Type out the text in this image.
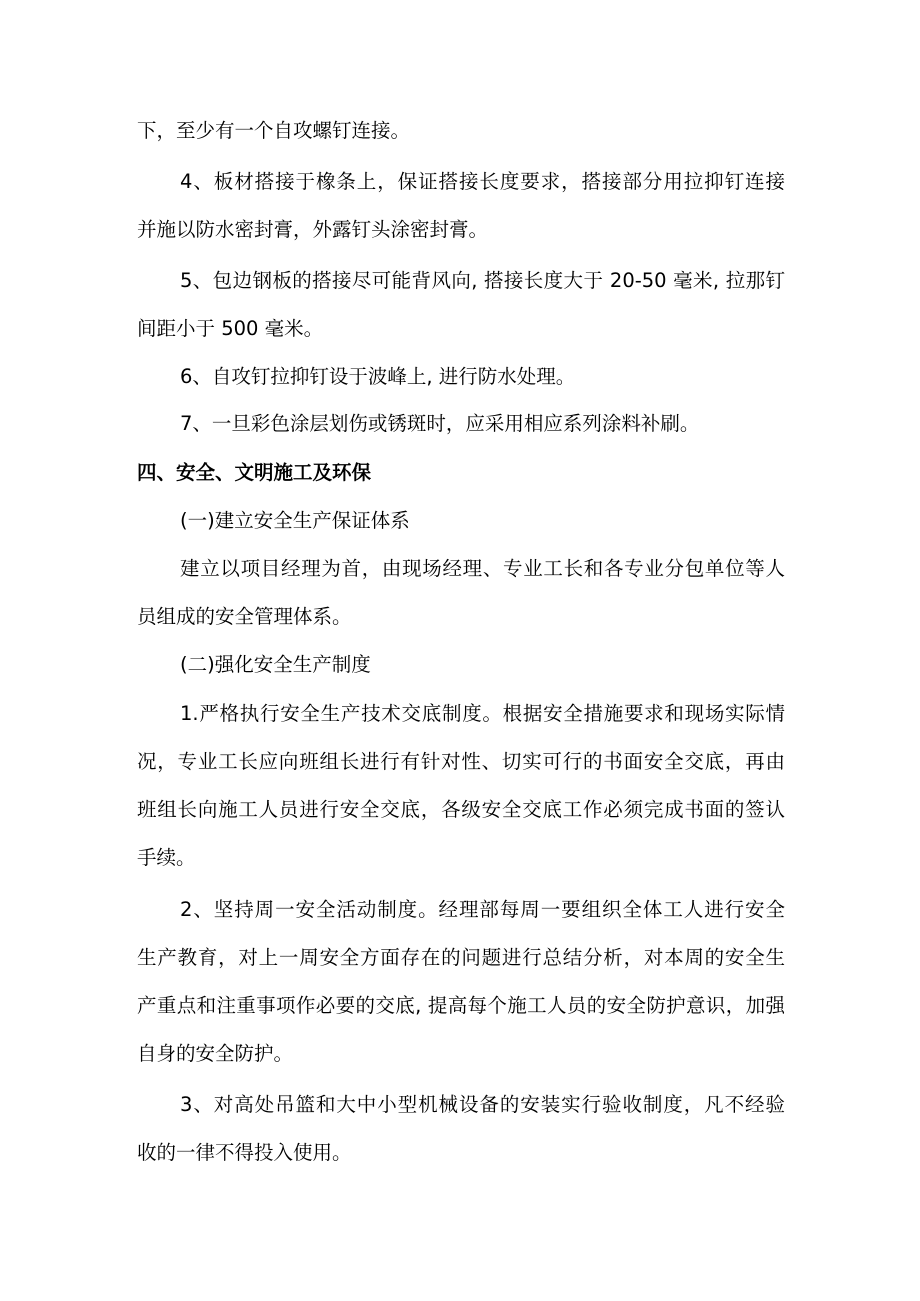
下，至少有一个自攻螺钉连接。
4、板材搭接于橡条上，保证搭接长度要求，搭接部分用拉抑钉连接
并施以防水密封膏，外露钉头涂密封膏。
5、包边钢板的搭接尽可能背风向, 搭接长度大于 20-50 毫米, 拉那钉
间距小于 500 毫米。
6、自攻钉拉抑钉设于波峰上, 进行防水处理。
7、一旦彩色涂层划伤或锈斑时，应采用相应系列涂料补刷。
四、安全、文明施工及环保
(一)建立安全生产保证体系
建立以项目经理为首，由现场经理、专业工长和各专业分包单位等人
员组成的安全管理体系。
(二)强化安全生产制度
1.严格执行安全生产技术交底制度。根据安全措施要求和现场实际情
况，专业工长应向班组长进行有针对性、切实可行的书面安全交底，再由
班组长向施工人员进行安全交底，各级安全交底工作必须完成书面的签认
手续。
2、坚持周一安全活动制度。经理部每周一要组织全体工人进行安全
生产教育，对上一周安全方面存在的问题进行总结分析，对本周的安全生
产重点和注重事项作必要的交底, 提高每个施工人员的安全防护意识，加强
自身的安全防护。
3、对高处吊篮和大中小型机械设备的安装实行验收制度，凡不经验
收的一律不得投入使用。
